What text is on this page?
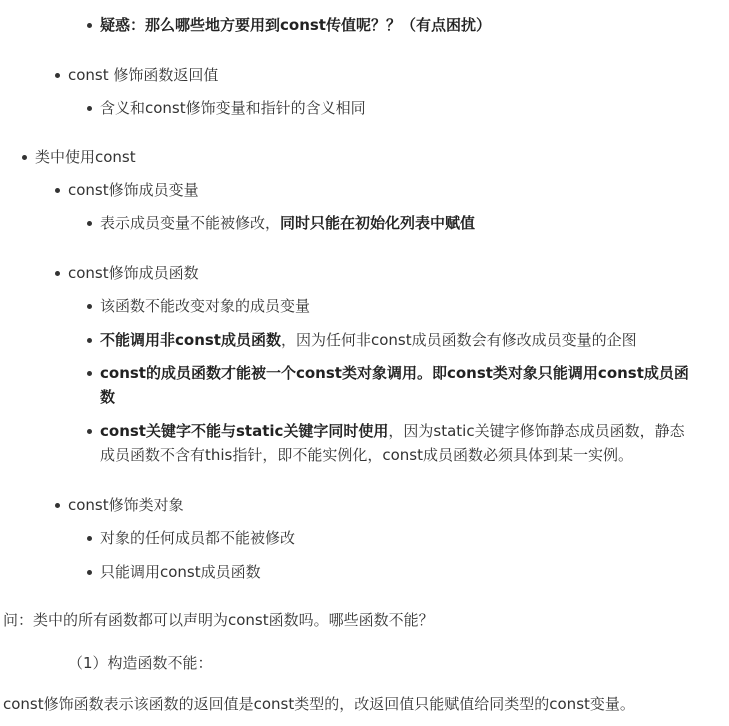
疑惑：那么哪些地方要用到const传值呢？？（有点困扰）
const 修饰函数返回值
含义和const修饰变量和指针的含义相同
类中使用const
const修饰成员变量
表示成员变量不能被修改，同时只能在初始化列表中赋值
const修饰成员函数
该函数不能改变对象的成员变量
不能调用非const成员函数，因为任何非const成员函数会有修改成员变量的企图
const的成员函数才能被一个const类对象调用。即const类对象只能调用const成员函
数
const关键字不能与static关键字同时使用，因为static关键字修饰静态成员函数，静态
成员函数不含有this指针，即不能实例化，const成员函数必须具体到某一实例。
const修饰类对象
对象的任何成员都不能被修改
只能调用const成员函数
问：类中的所有函数都可以声明为const函数吗。哪些函数不能？
（1）构造函数不能：
const修饰函数表示该函数的返回值是const类型的，改返回值只能赋值给同类型的const变量。
